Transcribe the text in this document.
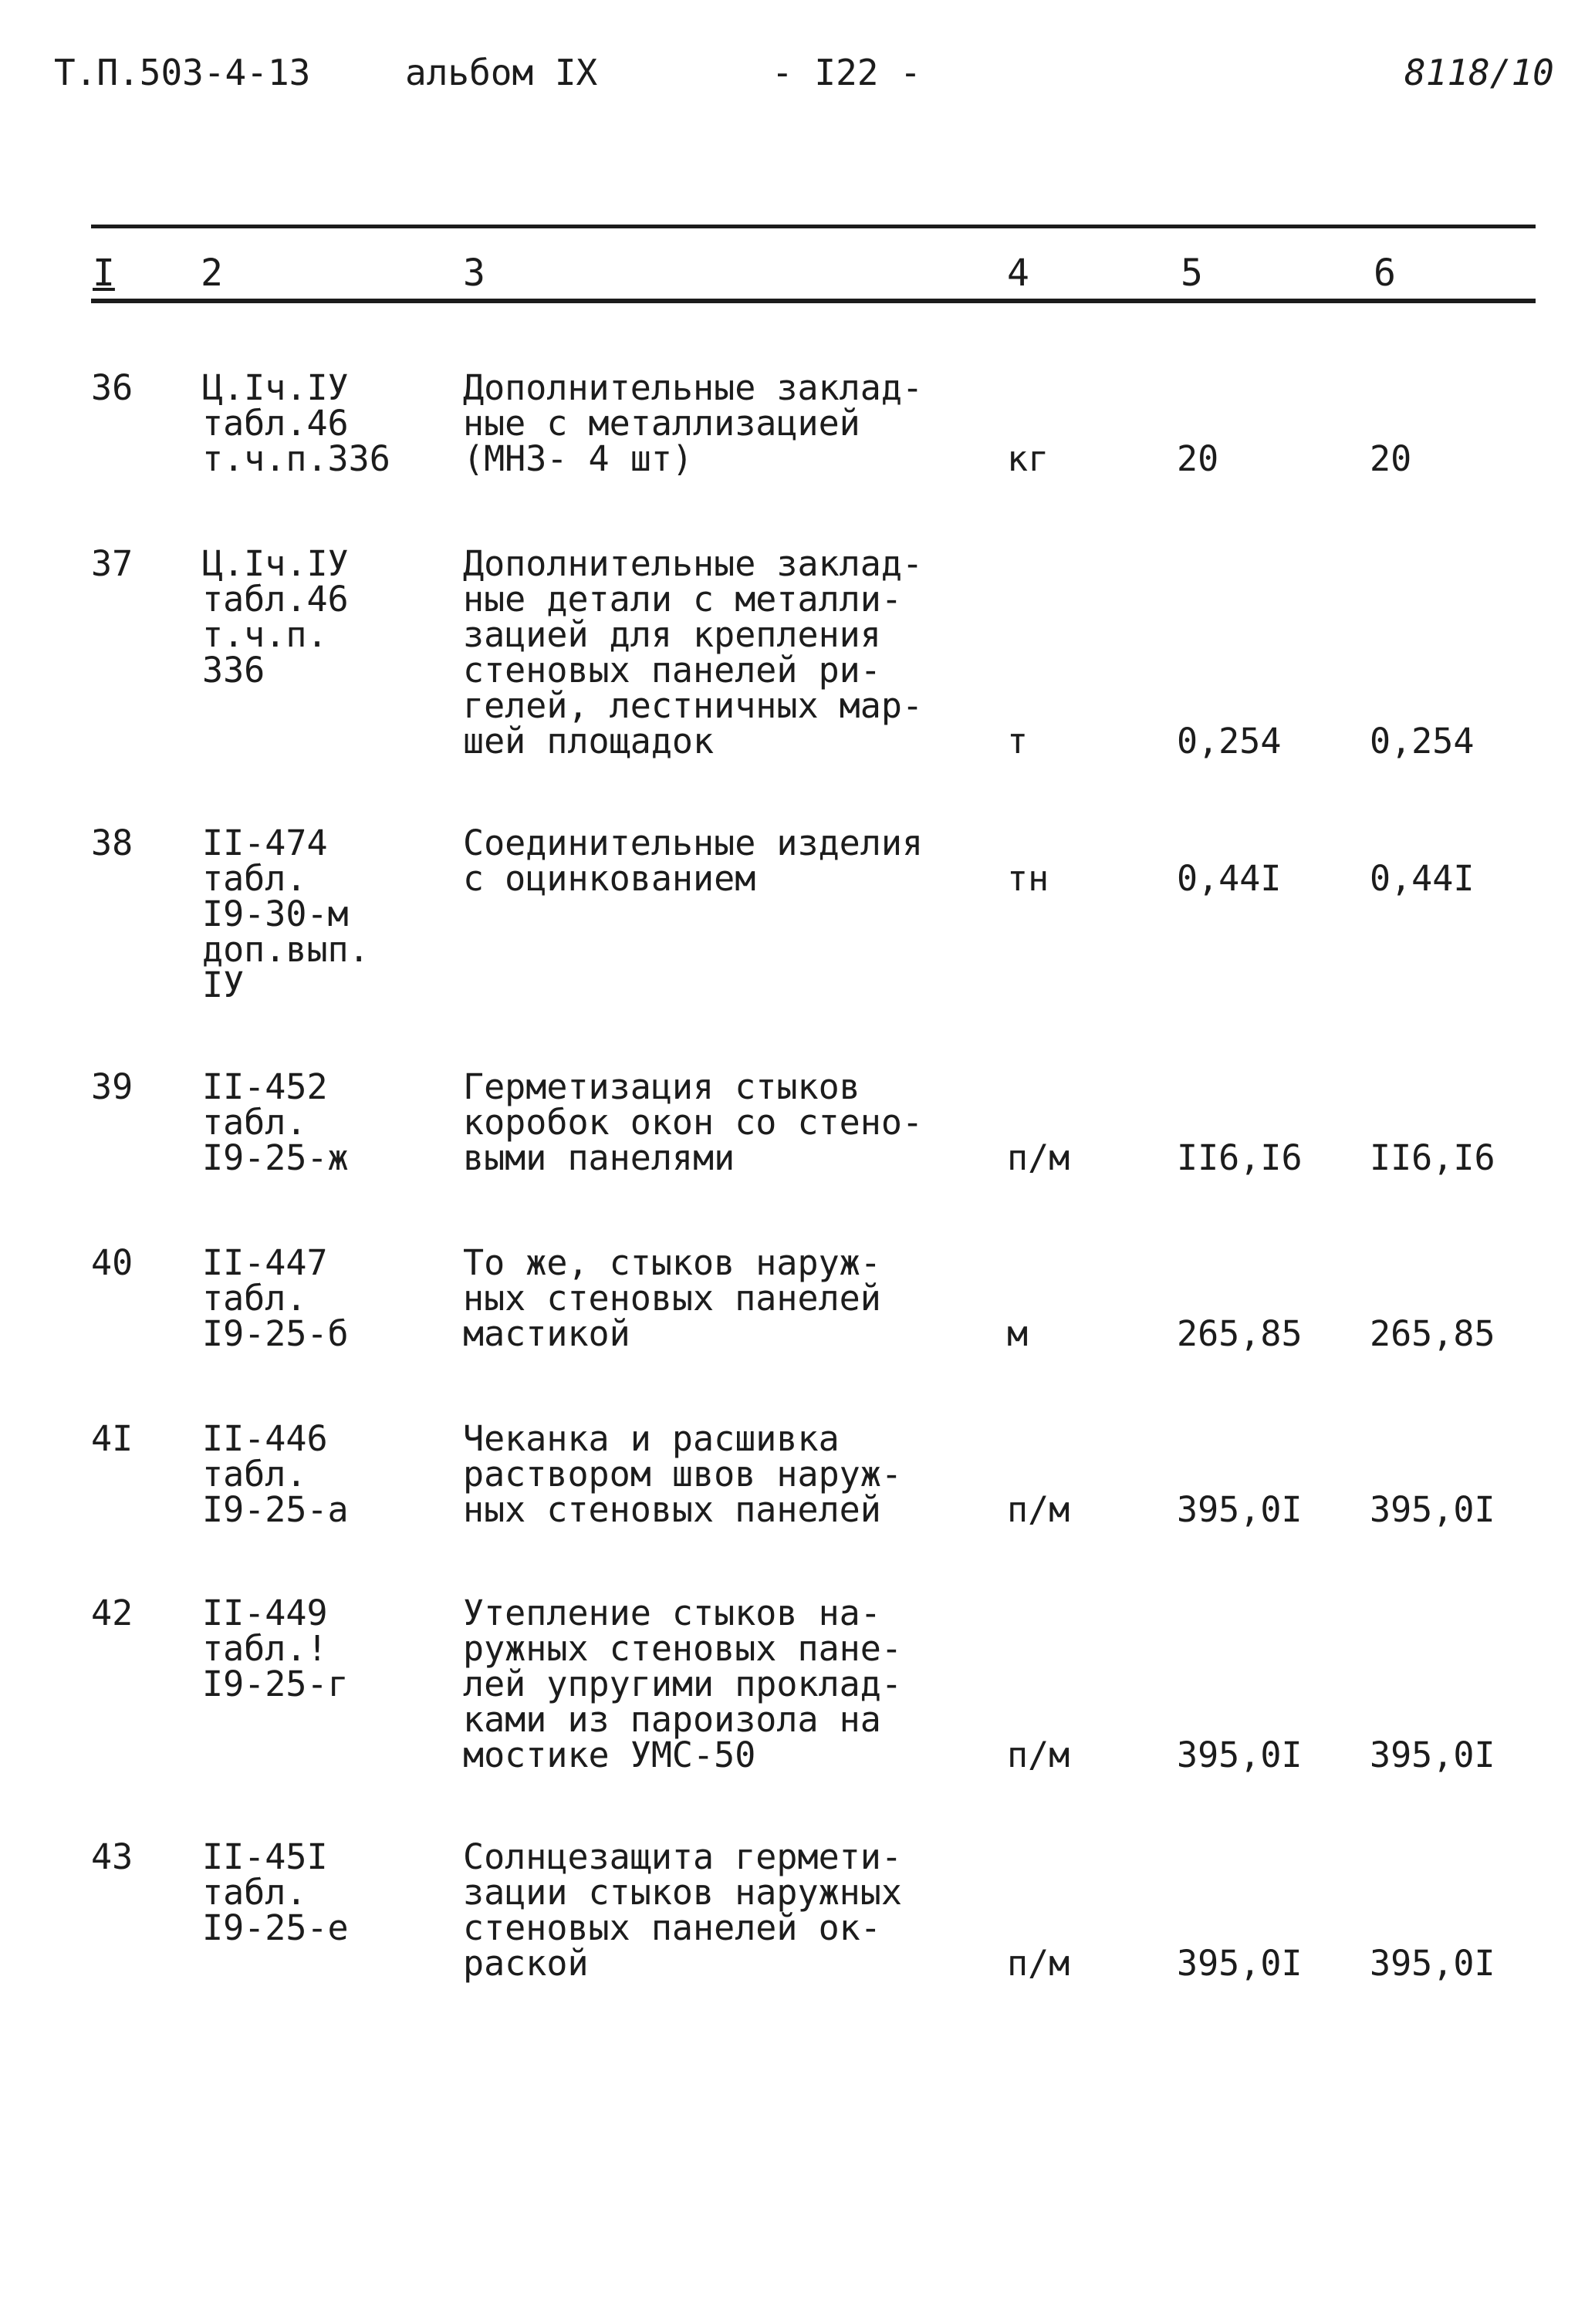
Т.П.503-4-13	альбом IX	- I22 -	8118/10
I 2	3	4	5	6
36 Ц.Iч.IУ
табл.46
т.ч.п.336
Дополнительные заклад-
ные с металлизацией
(МНЗ- 4 шт)	кг	20	20
37 Ц.Iч.IУ
табл.46
т.ч.п.
336
Дополнительные заклад-
ные детали с металли-
зацией для крепления
стеновых панелей ри-
гелей, лестничных мар-
шей площадок	т	0,254	0,254
38 II-474
табл.
I9-30-м
доп.вып.
IУ
Соединительные изделия
с оцинкованием	тн	0,44I	0,44I
39 II-452
табл.
I9-25-ж
Герметизация стыков
коробок окон со стено-
выми панелями	п/м	II6,I6 II6,I6
40 II-447
табл.
I9-25-б
То же, стыков наруж-
ных стеновых панелей
мастикой	м	265,85 265,85
4I II-446
табл.
I9-25-а
Чеканка и расшивка
раствором швов наруж-
ных стеновых панелей	п/м	395,0I 395,0I
42 II-449
табл.!
I9-25-г
Утепление стыков на-
ружных стеновых пане-
лей упругими проклад-
ками из пароизола на
мостике УМС-50	п/м	395,0I 395,0I
43 II-45I
табл.
I9-25-е
Солнцезащита гермети-
зации стыков наружных
стеновых панелей ок-
раской	п/м	395,0I 395,0I
